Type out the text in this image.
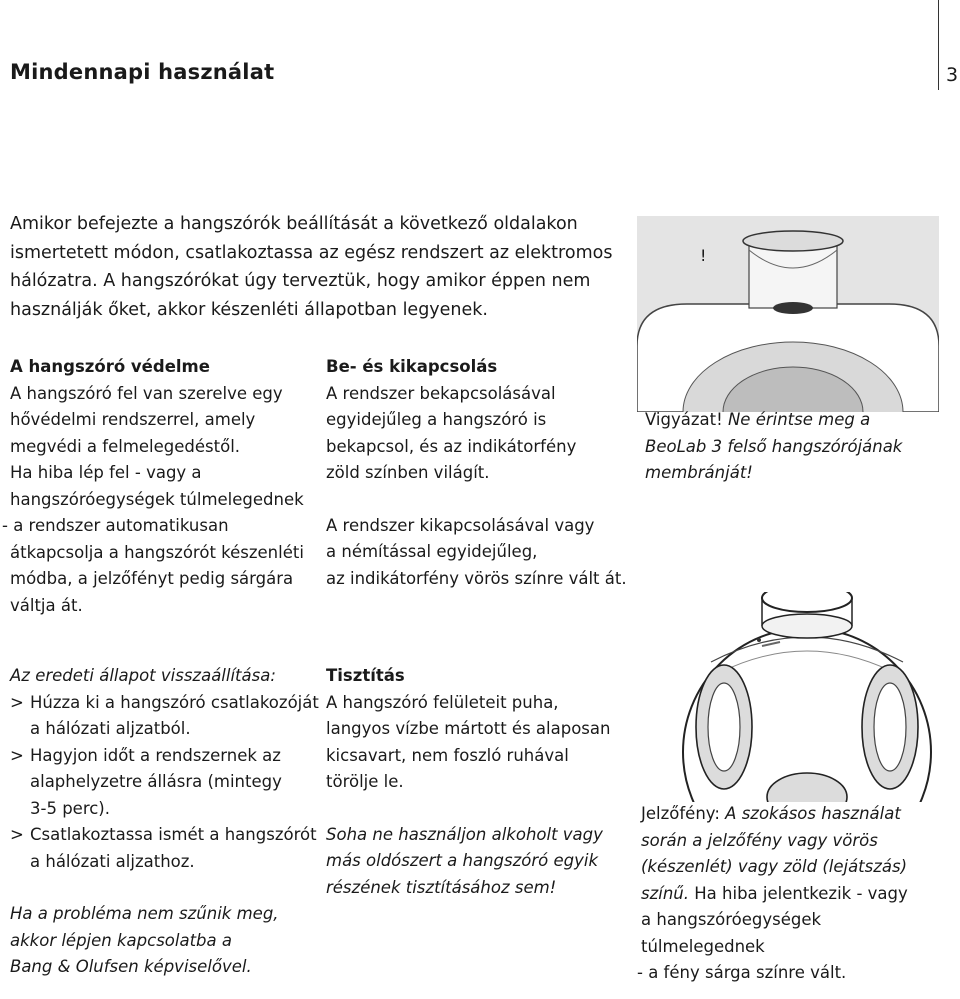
Mindennapi használat	3
Amikor befejezte a hangszórók beállítását a következő oldalakon
ismertetett módon, csatlakoztassa az egész rendszert az elektromos
hálózatra. A hangszórókat úgy terveztük, hogy amikor éppen nem
használják őket, akkor készenléti állapotban legyenek.
A hangszóró védelme
A hangszóró fel van szerelve egy
hővédelmi rendszerrel, amely
megvédi a felmelegedéstől.
Ha hiba lép fel - vagy a
hangszóróegységek túlmelegednek
- a rendszer automatikusan
átkapcsolja a hangszórót készenléti
módba, a jelzőfényt pedig sárgára
váltja át.
Be- és kikapcsolás
A rendszer bekapcsolásával
egyidejűleg a hangszóró is
bekapcsol, és az indikátorfény
zöld színben világít.
A rendszer kikapcsolásával vagy
a némítással egyidejűleg,
az indikátorfény vörös színre vált át.
!
Vigyázat! Ne érintse meg a
BeoLab 3 felső hangszórójának
membránját!
Az eredeti állapot visszaállítása:
> Húzza ki a hangszóró csatlakozóját
a hálózati aljzatból.
> Hagyjon időt a rendszernek az
alaphelyzetre állásra (mintegy
3-5 perc).
> Csatlakoztassa ismét a hangszórót
a hálózati aljzathoz.
Ha a probléma nem szűnik meg,
akkor lépjen kapcsolatba a
Bang & Olufsen képviselővel.
Tisztítás
A hangszóró felületeit puha,
langyos vízbe mártott és alaposan
kicsavart, nem foszló ruhával
törölje le.
Soha ne használjon alkoholt vagy
más oldószert a hangszóró egyik
részének tisztításához sem!
Jelzőfény: A szokásos használat
során a jelzőfény vagy vörös
(készenlét) vagy zöld (lejátszás)
színű. Ha hiba jelentkezik - vagy
a hangszóróegységek túlmelegednek
- a fény sárga színre vált.
